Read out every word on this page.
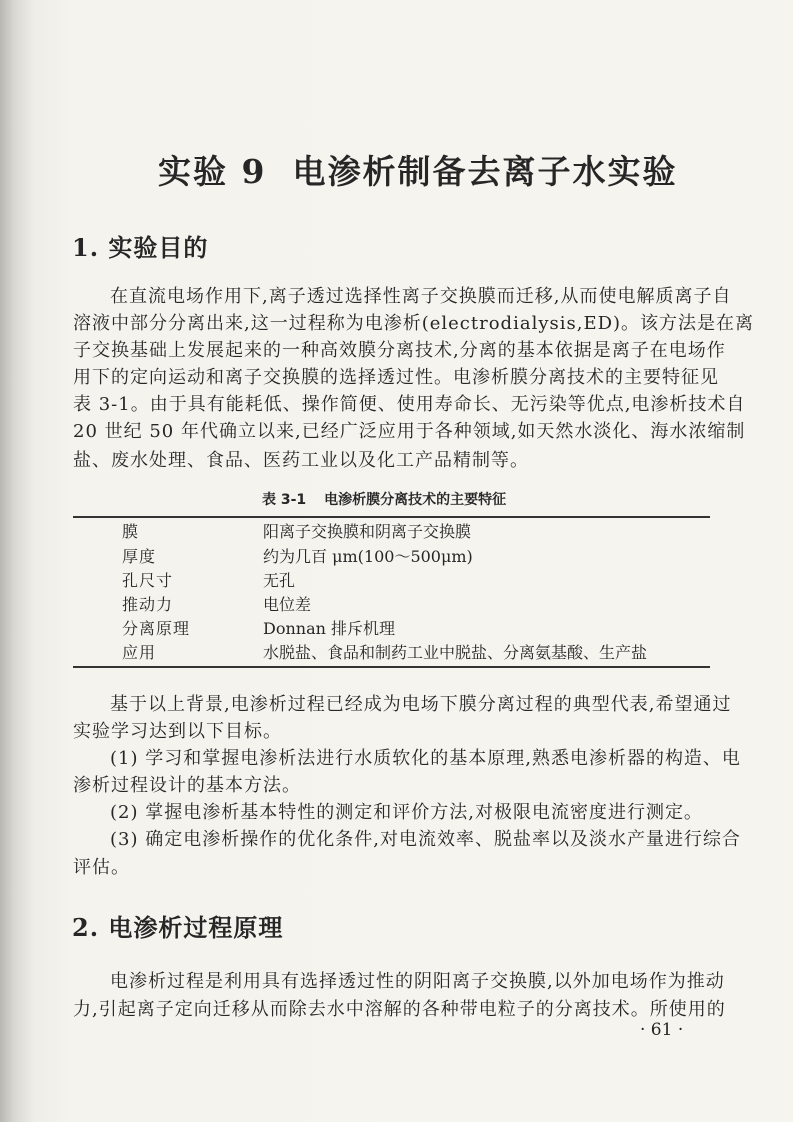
实验 9 电渗析制备去离子水实验
1. 实验目的
在直流电场作用下,离子透过选择性离子交换膜而迁移,从而使电解质离子自
溶液中部分分离出来,这一过程称为电渗析(electrodialysis,ED)。该方法是在离
子交换基础上发展起来的一种高效膜分离技术,分离的基本依据是离子在电场作
用下的定向运动和离子交换膜的选择透过性。电渗析膜分离技术的主要特征见
表 3-1。由于具有能耗低、操作简便、使用寿命长、无污染等优点,电渗析技术自
20 世纪 50 年代确立以来,已经广泛应用于各种领域,如天然水淡化、海水浓缩制
盐、废水处理、食品、医药工业以及化工产品精制等。
表 3-1 电渗析膜分离技术的主要特征
膜	阳离子交换膜和阴离子交换膜
厚度	约为几百 μm(100～500μm)
孔尺寸	无孔
推动力	电位差
分离原理	Donnan 排斥机理
应用	水脱盐、食品和制药工业中脱盐、分离氨基酸、生产盐
基于以上背景,电渗析过程已经成为电场下膜分离过程的典型代表,希望通过
实验学习达到以下目标。
(1) 学习和掌握电渗析法进行水质软化的基本原理,熟悉电渗析器的构造、电
渗析过程设计的基本方法。
(2) 掌握电渗析基本特性的测定和评价方法,对极限电流密度进行测定。
(3) 确定电渗析操作的优化条件,对电流效率、脱盐率以及淡水产量进行综合
评估。
2. 电渗析过程原理
电渗析过程是利用具有选择透过性的阴阳离子交换膜,以外加电场作为推动
力,引起离子定向迁移从而除去水中溶解的各种带电粒子的分离技术。所使用的
· 61 ·
